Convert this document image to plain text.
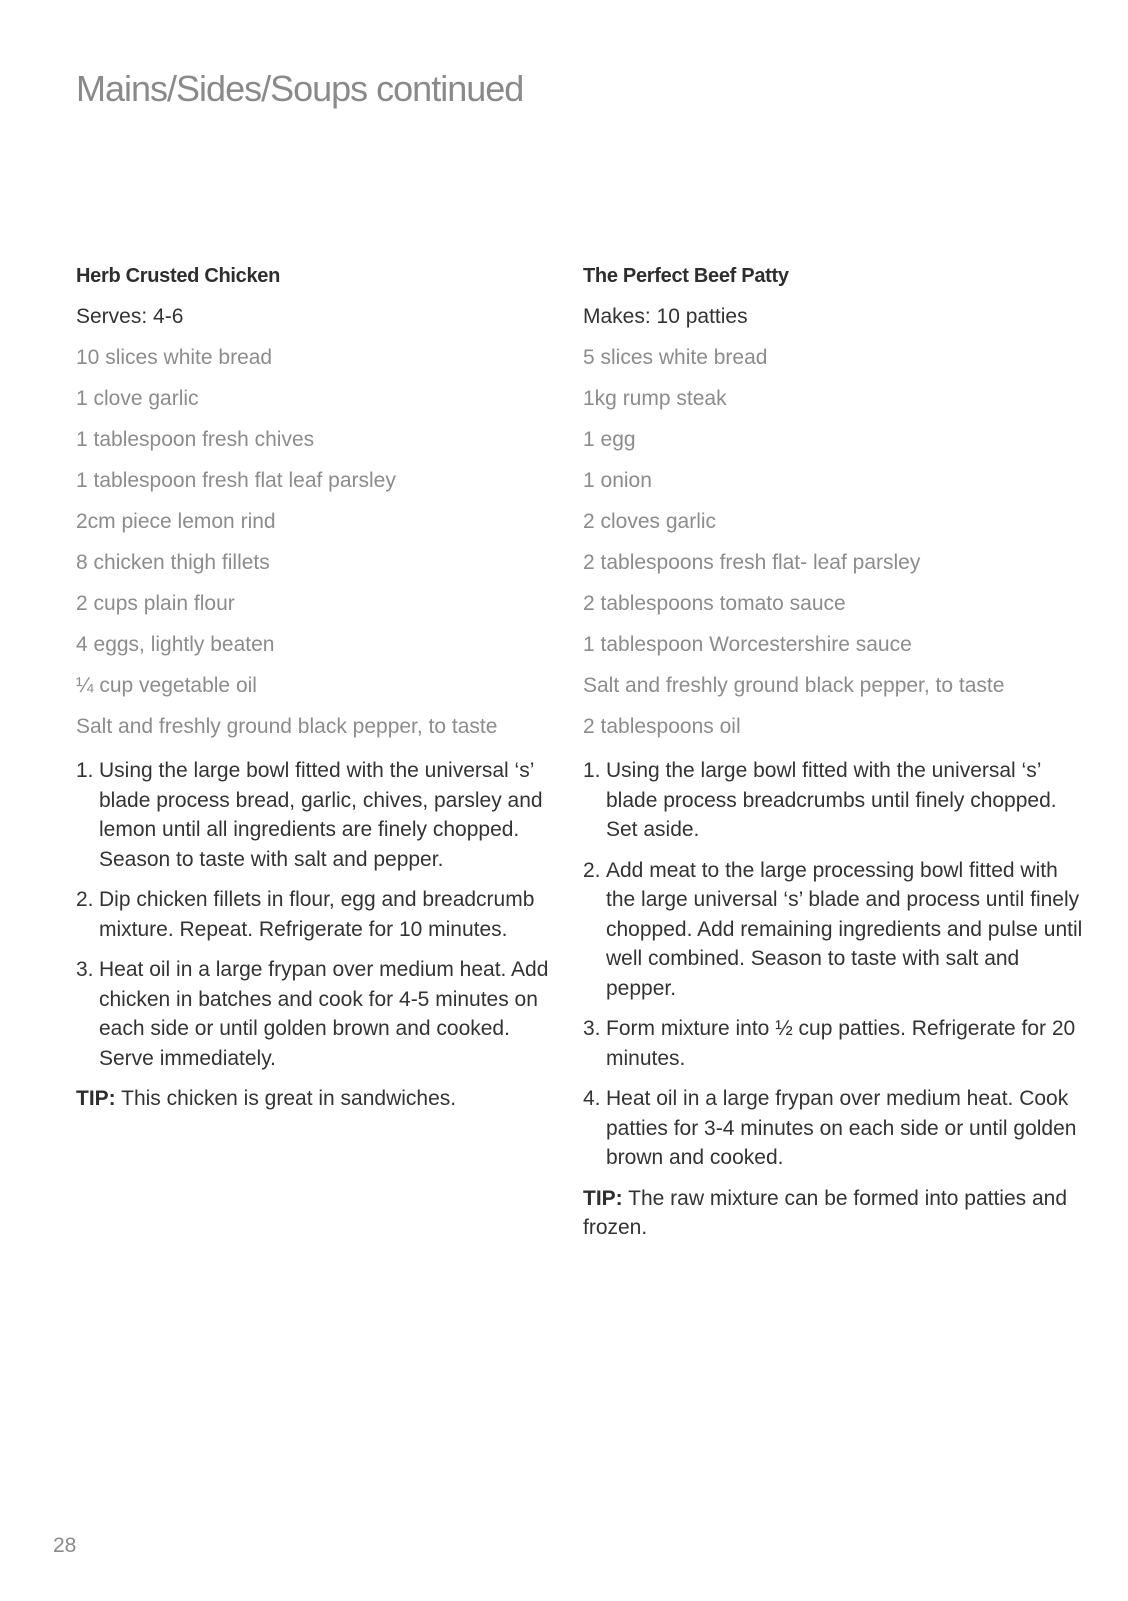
Mains/Sides/Soups continued
Herb Crusted Chicken
Serves: 4-6
10 slices white bread
1 clove garlic
1 tablespoon fresh chives
1 tablespoon fresh flat leaf parsley
2cm piece lemon rind
8 chicken thigh fillets
2 cups plain flour
4 eggs, lightly beaten
¼ cup vegetable oil
Salt and freshly ground black pepper, to taste
1. Using the large bowl fitted with the universal ‘s’ blade process bread, garlic, chives, parsley and lemon until all ingredients are finely chopped. Season to taste with salt and pepper.
2. Dip chicken fillets in flour, egg and breadcrumb mixture. Repeat. Refrigerate for 10 minutes.
3. Heat oil in a large frypan over medium heat. Add chicken in batches and cook for 4-5 minutes on each side or until golden brown and cooked. Serve immediately.

TIP: This chicken is great in sandwiches.

The Perfect Beef Patty
Makes: 10 patties
5 slices white bread
1kg rump steak
1 egg
1 onion
2 cloves garlic
2 tablespoons fresh flat- leaf parsley
2 tablespoons tomato sauce
1 tablespoon Worcestershire sauce
Salt and freshly ground black pepper, to taste
2 tablespoons oil
1. Using the large bowl fitted with the universal ‘s’ blade process breadcrumbs until finely chopped. Set aside.
2. Add meat to the large processing bowl fitted with the large universal ‘s’ blade and process until finely chopped. Add remaining ingredients and pulse until well combined. Season to taste with salt and pepper.
3. Form mixture into ½ cup patties. Refrigerate for 20 minutes.
4. Heat oil in a large frypan over medium heat. Cook patties for 3-4 minutes on each side or until golden brown and cooked.

TIP: The raw mixture can be formed into patties and frozen.

28
